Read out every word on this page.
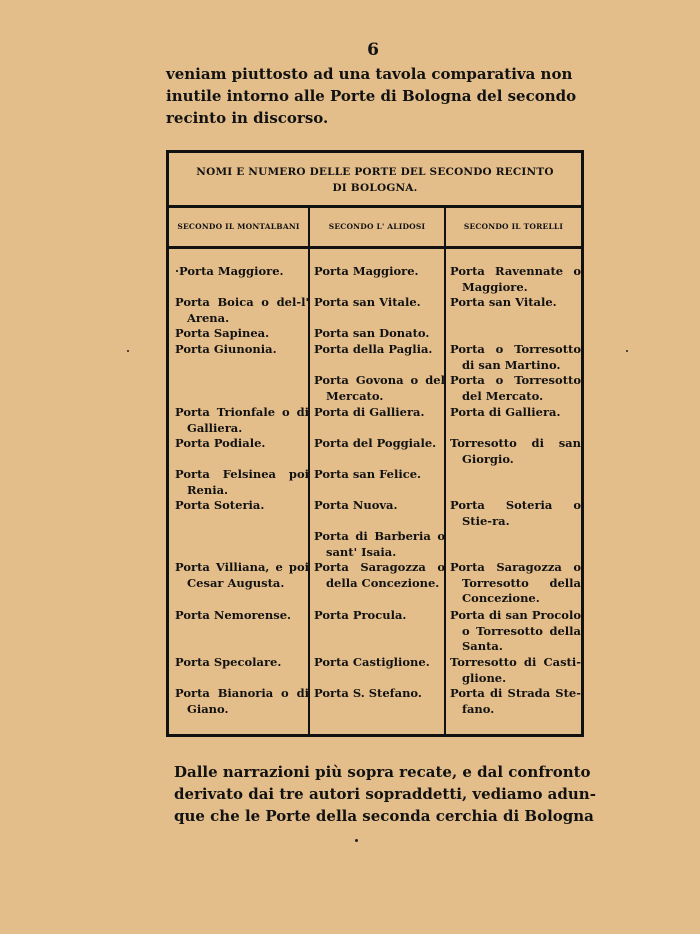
6
veniam piuttosto ad una tavola comparativa non
inutile intorno alle Porte di Bologna del secondo
recinto in discorso.
NOMI E NUMERO DELLE PORTE DEL SECONDO RECINTO
DI BOLOGNA.
SECONDO IL MONTALBANI	SECONDO L' ALIDOSI	SECONDO IL TORELLI
·Porta Maggiore.
Porta Boica o del-l' Arena.
Porta Sapinea.
Porta Giunonia.
Porta Trionfale o di Galliera.
Porta Podiale.
Porta Felsinea poi Renia.
Porta Soteria.
Porta Villiana, e poi Cesar Augusta.
Porta Nemorense.
Porta Specolare.
Porta Bianoria o di Giano.
Porta Maggiore.
Porta san Vitale.
Porta san Donato.
Porta della Paglia.
Porta Govona o del Mercato.
Porta di Galliera.
Porta del Poggiale.
Porta san Felice.
Porta Nuova.
Porta di Barberia o sant' Isaia.
Porta Saragozza o della Concezione.
Porta Procula.
Porta Castiglione.
Porta S. Stefano.
Porta Ravennate o Maggiore.
Porta san Vitale.
Porta o Torresotto di san Martino.
Porta o Torresotto del Mercato.
Porta di Galliera.
Torresotto di san Giorgio.
Porta Soteria o Stie-ra.
Porta Saragozza o Torresotto della Concezione.
Porta di san Procolo o Torresotto della Santa.
Torresotto di Casti-glione.
Porta di Strada Ste-fano.
Dalle narrazioni più sopra recate, e dal confronto
derivato dai tre autori sopraddetti, vediamo adun-
que che le Porte della seconda cerchia di Bologna
